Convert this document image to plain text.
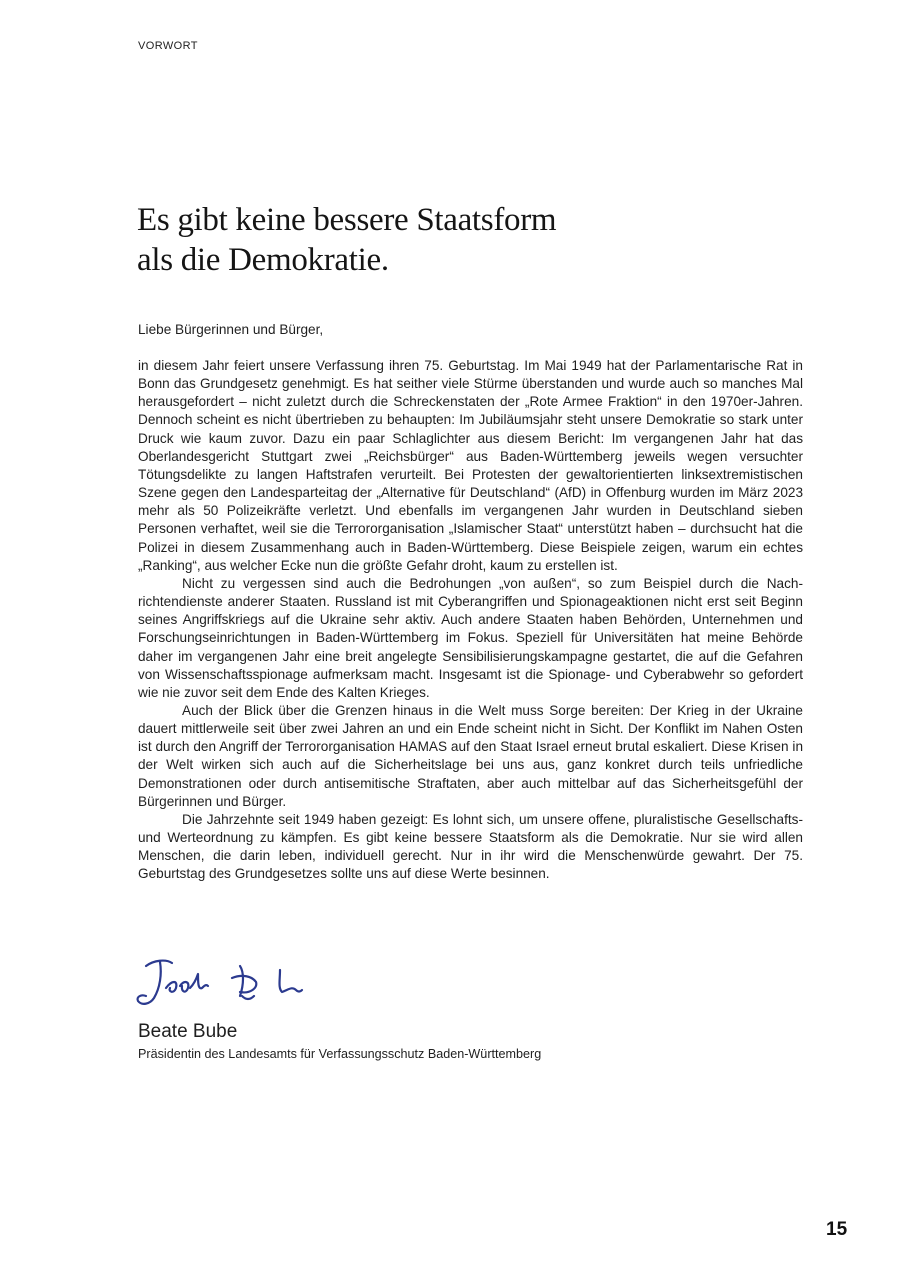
VORWORT
Es gibt keine bessere Staatsform
als die Demokratie.
Liebe Bürgerinnen und Bürger,

in diesem Jahr feiert unsere Verfassung ihren 75. Geburtstag. Im Mai 1949 hat der Parlamentarische Rat in Bonn das Grundgesetz genehmigt. Es hat seither viele Stürme überstanden und wurde auch so manches Mal herausgefordert – nicht zuletzt durch die Schreckenstaten der „Rote Armee Fraktion“ in den 1970er-Jahren. Dennoch scheint es nicht übertrieben zu behaupten: Im Jubiläumsjahr steht unsere Demokratie so stark unter Druck wie kaum zuvor. Dazu ein paar Schlaglichter aus diesem Bericht: Im vergangenen Jahr hat das Oberlandesgericht Stuttgart zwei „Reichsbürger“ aus Baden-Württemberg jeweils wegen versuchter Tötungsdelikte zu langen Haftstrafen verurteilt. Bei Protesten der gewaltorientierten linksextremistischen Szene gegen den Landesparteitag der „Alternative für Deutschland“ (AfD) in Offenburg wurden im März 2023 mehr als 50 Polizeikräfte verletzt. Und ebenfalls im vergangenen Jahr wurden in Deutschland sieben Personen verhaftet, weil sie die Terrororganisation „Islamischer Staat“ unterstützt haben – durchsucht hat die Polizei in diesem Zusammenhang auch in Baden-Württemberg. Diese Beispiele zeigen, warum ein echtes „Ranking“, aus welcher Ecke nun die größte Gefahr droht, kaum zu erstellen ist.

Nicht zu vergessen sind auch die Bedrohungen „von außen“, so zum Beispiel durch die Nachrichtendienste anderer Staaten. Russland ist mit Cyberangriffen und Spionageaktionen nicht erst seit Beginn seines Angriffskriegs auf die Ukraine sehr aktiv. Auch andere Staaten haben Behörden, Unternehmen und Forschungseinrichtungen in Baden-Württemberg im Fokus. Speziell für Universitäten hat meine Behörde daher im vergangenen Jahr eine breit angelegte Sensibilisierungskampagne gestartet, die auf die Gefahren von Wissenschaftsspionage aufmerksam macht. Insgesamt ist die Spionage- und Cyberabwehr so gefordert wie nie zuvor seit dem Ende des Kalten Krieges.

Auch der Blick über die Grenzen hinaus in die Welt muss Sorge bereiten: Der Krieg in der Ukraine dauert mittlerweile seit über zwei Jahren an und ein Ende scheint nicht in Sicht. Der Konflikt im Nahen Osten ist durch den Angriff der Terrororganisation HAMAS auf den Staat Israel erneut brutal eskaliert. Diese Krisen in der Welt wirken sich auch auf die Sicherheitslage bei uns aus, ganz konkret durch teils unfriedliche Demonstrationen oder durch antisemitische Straftaten, aber auch mittelbar auf das Sicherheitsgefühl der Bürgerinnen und Bürger.

Die Jahrzehnte seit 1949 haben gezeigt: Es lohnt sich, um unsere offene, pluralistische Gesellschafts- und Werteordnung zu kämpfen. Es gibt keine bessere Staatsform als die Demokratie. Nur sie wird allen Menschen, die darin leben, individuell gerecht. Nur in ihr wird die Menschenwürde gewahrt. Der 75. Geburtstag des Grundgesetzes sollte uns auf diese Werte besinnen.

Beate Bube
Präsidentin des Landesamts für Verfassungsschutz Baden-Württemberg
15
